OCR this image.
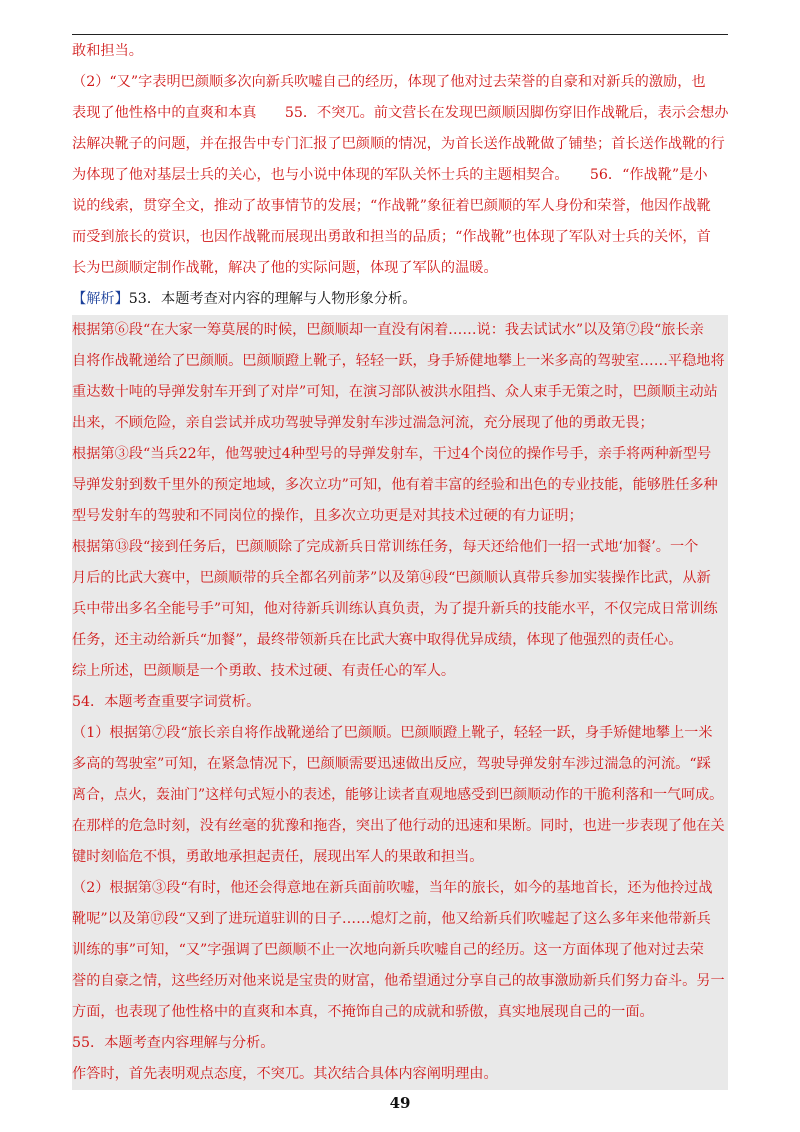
敢和担当。
（2）“又”字表明巴颜顺多次向新兵吹嘘自己的经历，体现了他对过去荣誉的自豪和对新兵的激励，也
表现了他性格中的直爽和本真　　55．不突兀。前文营长在发现巴颜顺因脚伤穿旧作战靴后，表示会想办
法解决靴子的问题，并在报告中专门汇报了巴颜顺的情况，为首长送作战靴做了铺垫；首长送作战靴的行
为体现了他对基层士兵的关心，也与小说中体现的军队关怀士兵的主题相契合。　　56．“作战靴”是小
说的线索，贯穿全文，推动了故事情节的发展；“作战靴”象征着巴颜顺的军人身份和荣誉，他因作战靴
而受到旅长的赏识，也因作战靴而展现出勇敢和担当的品质；“作战靴”也体现了军队对士兵的关怀，首
长为巴颜顺定制作战靴，解决了他的实际问题，体现了军队的温暖。
【解析】53．本题考查对内容的理解与人物形象分析。
根据第⑥段“在大家一筹莫展的时候，巴颜顺却一直没有闲着……说：我去试试水”以及第⑦段“旅长亲
自将作战靴递给了巴颜顺。巴颜顺蹬上靴子，轻轻一跃，身手矫健地攀上一米多高的驾驶室……平稳地将
重达数十吨的导弹发射车开到了对岸”可知，在演习部队被洪水阻挡、众人束手无策之时，巴颜顺主动站
出来，不顾危险，亲自尝试并成功驾驶导弹发射车涉过湍急河流，充分展现了他的勇敢无畏；
根据第③段“当兵22年，他驾驶过4种型号的导弹发射车，干过4个岗位的操作号手，亲手将两种新型号
导弹发射到数千里外的预定地域，多次立功”可知，他有着丰富的经验和出色的专业技能，能够胜任多种
型号发射车的驾驶和不同岗位的操作，且多次立功更是对其技术过硬的有力证明；
根据第⑬段“接到任务后，巴颜顺除了完成新兵日常训练任务，每天还给他们一招一式地‘加餐’。一个
月后的比武大赛中，巴颜顺带的兵全都名列前茅”以及第⑭段“巴颜顺认真带兵参加实装操作比武，从新
兵中带出多名全能号手”可知，他对待新兵训练认真负责，为了提升新兵的技能水平，不仅完成日常训练
任务，还主动给新兵“加餐”，最终带领新兵在比武大赛中取得优异成绩，体现了他强烈的责任心。
综上所述，巴颜顺是一个勇敢、技术过硬、有责任心的军人。
54．本题考查重要字词赏析。
（1）根据第⑦段“旅长亲自将作战靴递给了巴颜顺。巴颜顺蹬上靴子，轻轻一跃，身手矫健地攀上一米
多高的驾驶室”可知，在紧急情况下，巴颜顺需要迅速做出反应，驾驶导弹发射车涉过湍急的河流。“踩
离合，点火，轰油门”这样句式短小的表述，能够让读者直观地感受到巴颜顺动作的干脆利落和一气呵成。
在那样的危急时刻，没有丝毫的犹豫和拖沓，突出了他行动的迅速和果断。同时，也进一步表现了他在关
键时刻临危不惧，勇敢地承担起责任，展现出军人的果敢和担当。
（2）根据第③段“有时，他还会得意地在新兵面前吹嘘，当年的旅长，如今的基地首长，还为他拎过战
靴呢”以及第⑰段“又到了进玩道驻训的日子……熄灯之前，他又给新兵们吹嘘起了这么多年来他带新兵
训练的事”可知，“又”字强调了巴颜顺不止一次地向新兵吹嘘自己的经历。这一方面体现了他对过去荣
誉的自豪之情，这些经历对他来说是宝贵的财富，他希望通过分享自己的故事激励新兵们努力奋斗。另一
方面，也表现了他性格中的直爽和本真，不掩饰自己的成就和骄傲，真实地展现自己的一面。
55．本题考查内容理解与分析。
作答时，首先表明观点态度，不突兀。其次结合具体内容阐明理由。
49
